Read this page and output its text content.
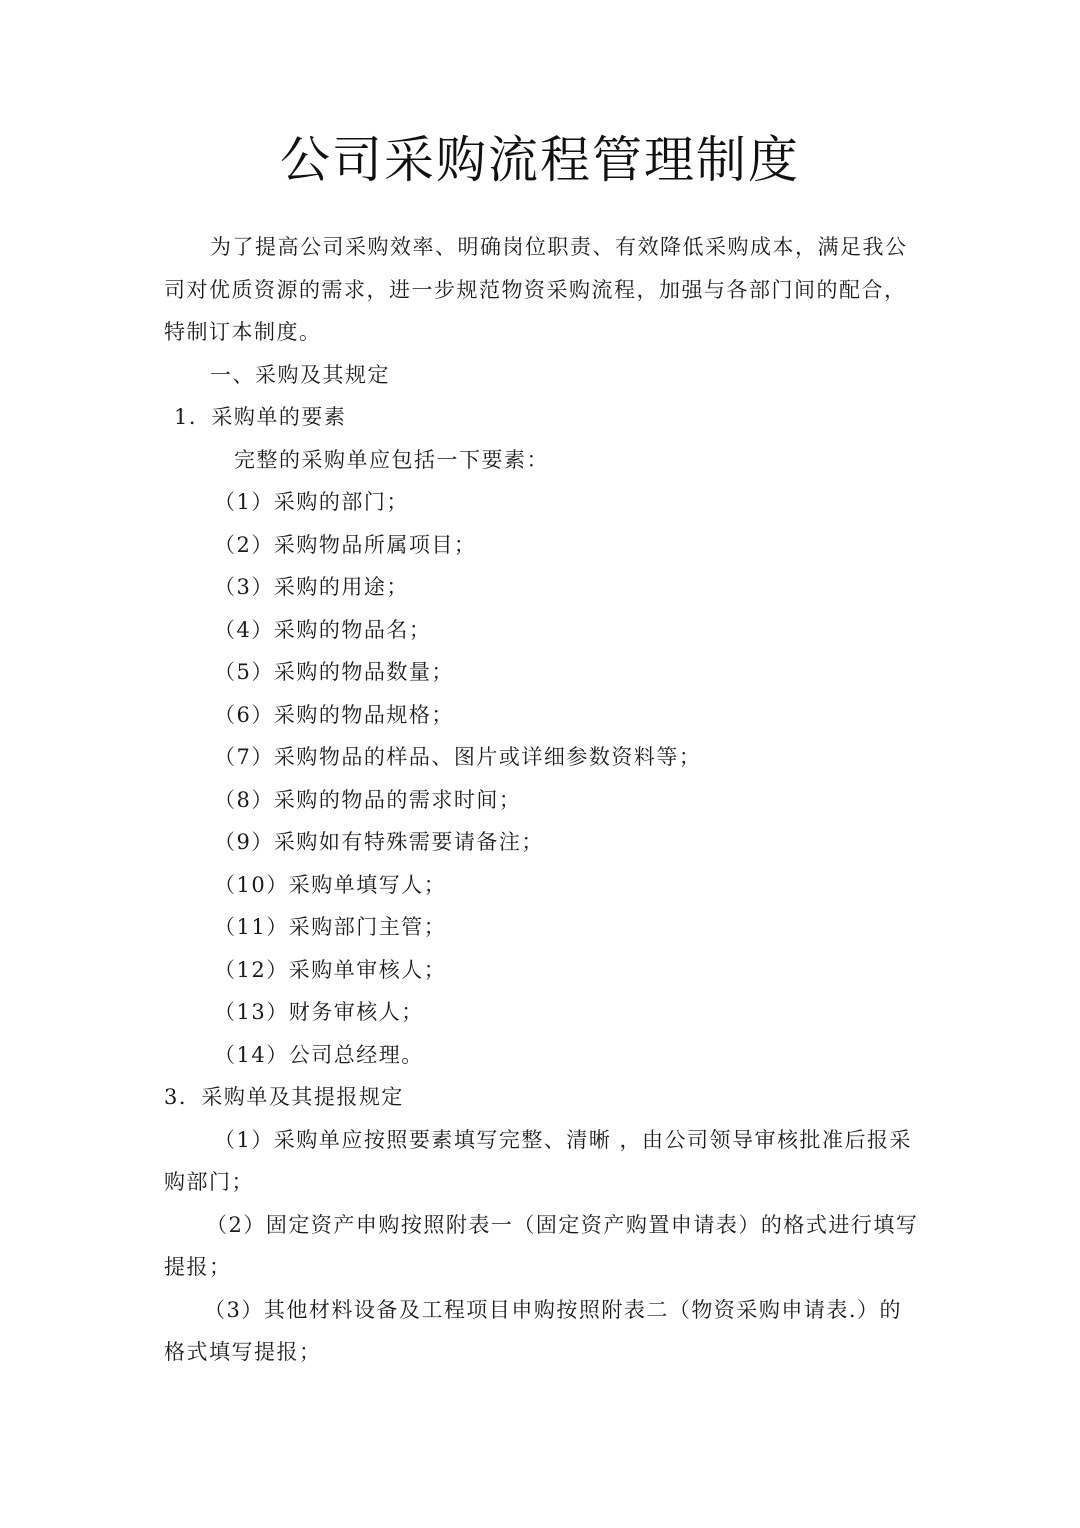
公司采购流程管理制度

为了提高公司采购效率、明确岗位职责、有效降低采购成本，满足我公司对优质资源的需求，进一步规范物资采购流程，加强与各部门间的配合，特制订本制度。

一、采购及其规定

1．采购单的要素

完整的采购单应包括一下要素：

（1）采购的部门；

（2）采购物品所属项目；

（3）采购的用途；

（4）采购的物品名；

（5）采购的物品数量；

（6）采购的物品规格；

（7）采购物品的样品、图片或详细参数资料等；

（8）采购的物品的需求时间；

（9）采购如有特殊需要请备注；

（10）采购单填写人；

（11）采购部门主管；

（12）采购单审核人；

（13）财务审核人；

（14）公司总经理。

3．采购单及其提报规定

（1）采购单应按照要素填写完整、清晰 ，由公司领导审核批准后报采购部门；

（2）固定资产申购按照附表一（固定资产购置申请表）的格式进行填写提报；

（3）其他材料设备及工程项目申购按照附表二（物资采购申请表.）的格式填写提报；
